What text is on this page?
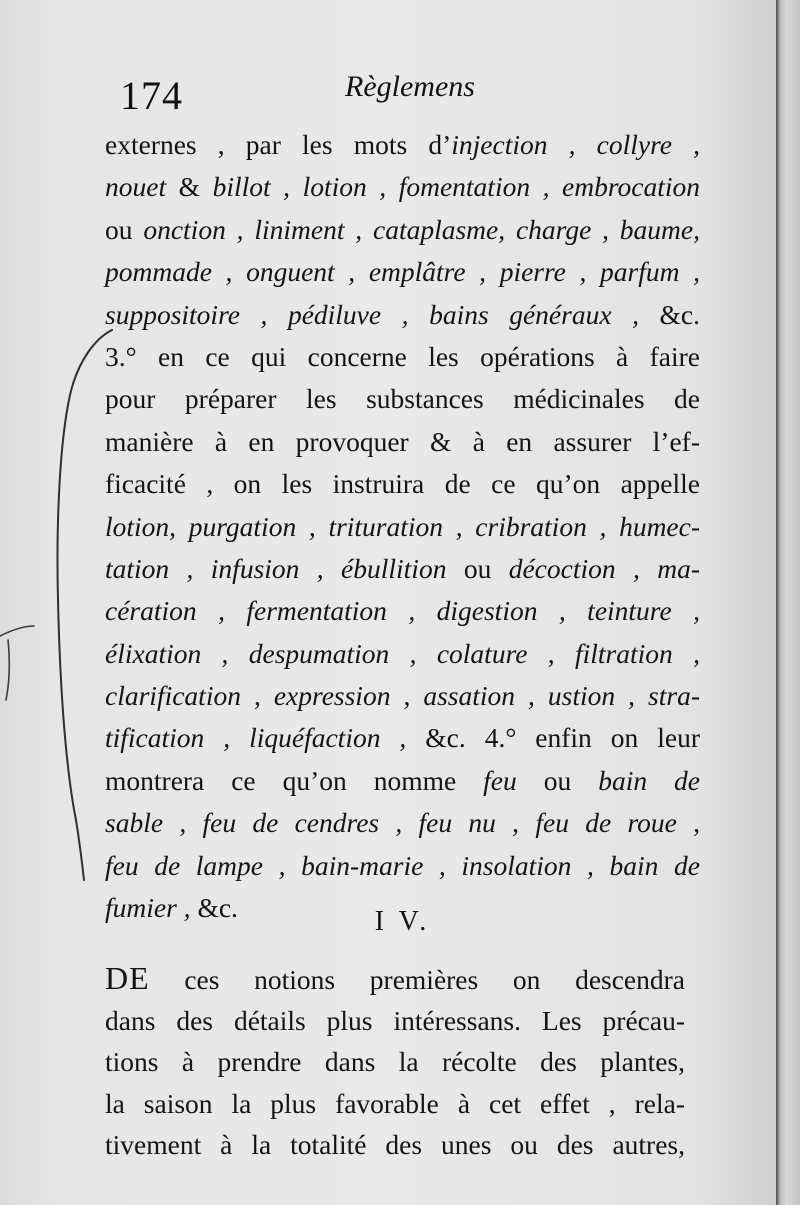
174	Règlemens
externes , par les mots d’injection , collyre ,
nouet & billot , lotion , fomentation , embrocation
ou onction , liniment , cataplasme, charge , baume,
pommade , onguent , emplâtre , pierre , parfum ,
suppositoire , pédiluve , bains généraux , &c.
3.° en ce qui concerne les opérations à faire
pour préparer les substances médicinales de
manière à en provoquer & à en assurer l’ef-
ficacité , on les instruira de ce qu’on appelle
lotion, purgation , trituration , cribration , humec-
tation , infusion , ébullition ou décoction , ma-
cération , fermentation , digestion , teinture ,
élixation , despumation , colature , filtration ,
clarification , expression , assation , ustion , stra-
tification , liquéfaction , &c. 4.° enfin on leur
montrera ce qu’on nomme feu ou bain de
sable , feu de cendres , feu nu , feu de roue ,
feu de lampe , bain-marie , insolation , bain de
fumier , &c.	I V.
DE ces notions premières on descendra
dans des détails plus intéressans. Les précau-
tions à prendre dans la récolte des plantes,
la saison la plus favorable à cet effet , rela-
tivement à la totalité des unes ou des autres,
